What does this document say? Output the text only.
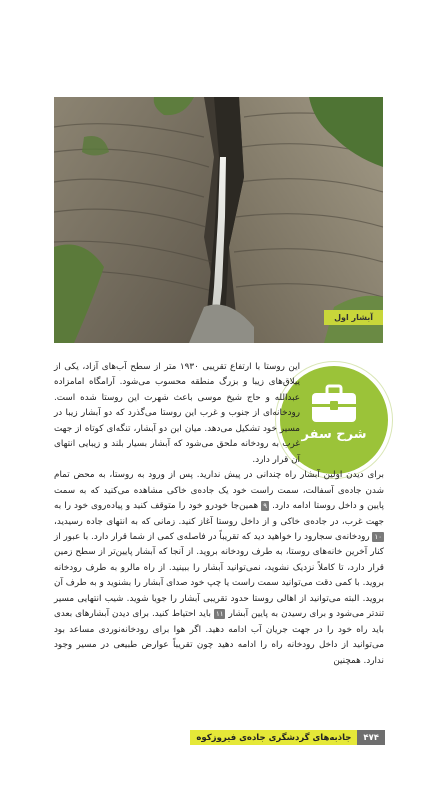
آبشار اول
شرح سفر

این روستا با ارتفاع تقریبی ۱۹۳۰ متر از سطح آب‌های آزاد، یکی از ییلاق‌های زیبا و بزرگ منطقه محسوب می‌شود. آرامگاه امامزاده عبدالله و حاج شیخ موسی باعث شهرت این روستا شده است. رودخانه‌ای از جنوب و غرب این روستا می‌گذرد که دو آبشار زیبا در مسیر خود تشکیل می‌دهد. میان این دو آبشار، تنگه‌ای کوتاه از جهت غرب به رودخانه ملحق می‌شود که آبشار بسیار بلند و زیبایی انتهای آن قرار دارد.

برای دیدن اولین آبشار راه چندانی در پیش ندارید. پس از ورود به روستا، به محض تمام شدن جاده‌ی آسفالت، سمت راست خود یک جاده‌ی خاکی مشاهده می‌کنید که به سمت پایین و داخل روستا ادامه دارد. ۹ همین‌جا خودرو خود را متوقف کنید و پیاده‌روی خود را به جهت غرب، در جاده‌ی خاکی و از داخل روستا آغاز کنید. زمانی که به انتهای جاده رسیدید، ۱۰ رودخانه‌ی سجارود را خواهید دید که تقریباً در فاصله‌ی کمی از شما قرار دارد. با عبور از کنار آخرین خانه‌های روستا، به طرف رودخانه بروید. از آنجا که آبشار پایین‌تر از سطح زمین قرار دارد، تا کاملاً نزدیک نشوید، نمی‌توانید آبشار را ببینید. از راه مالرو به طرف رودخانه بروید. با کمی دقت می‌توانید سمت راست یا چپ خود صدای آبشار را بشنوید و به طرف آن بروید. البته می‌توانید از اهالی روستا حدود تقریبی آبشار را جویا شوید. شیب انتهایی مسیر تندتر می‌شود و برای رسیدن به پایین آبشار ۱۱ باید احتیاط کنید. برای دیدن آبشارهای بعدی باید راه خود را در جهت جریان آب ادامه دهید. اگر هوا برای رودخانه‌نوردی مساعد بود می‌توانید از داخل رودخانه راه را ادامه دهید چون تقریباً عوارض طبیعی در مسیر وجود ندارد. همچنین

۴۷۴
جاذبه‌های گردشگری جاده‌ی فیروزکوه
